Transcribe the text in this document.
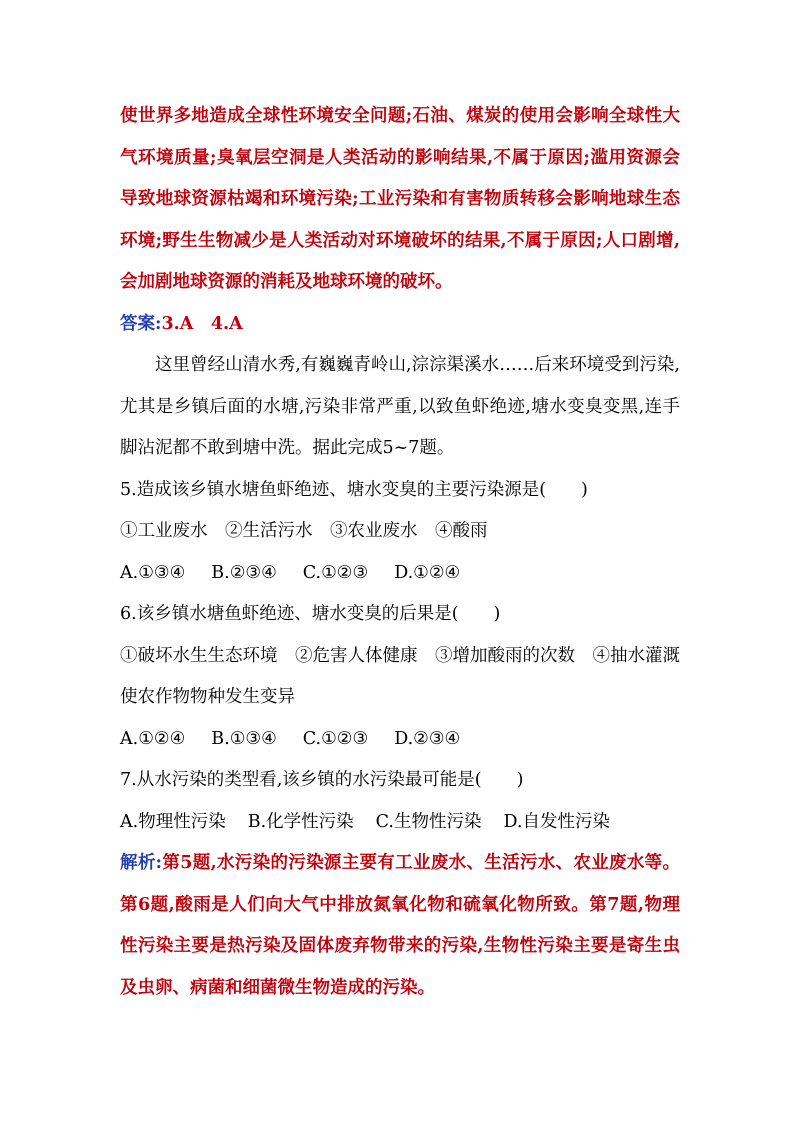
使世界多地造成全球性环境安全问题;石油、煤炭的使用会影响全球性大气环境质量;臭氧层空洞是人类活动的影响结果,不属于原因;滥用资源会导致地球资源枯竭和环境污染;工业污染和有害物质转移会影响地球生态环境;野生生物减少是人类活动对环境破坏的结果,不属于原因;人口剧增,会加剧地球资源的消耗及地球环境的破坏。

答案:3.A　4.A

这里曾经山清水秀,有巍巍青岭山,淙淙渠溪水……后来环境受到污染,尤其是乡镇后面的水塘,污染非常严重,以致鱼虾绝迹,塘水变臭变黑,连手脚沾泥都不敢到塘中洗。据此完成5~7题。

5.造成该乡镇水塘鱼虾绝迹、塘水变臭的主要污染源是(　　)

①工业废水　②生活污水　③农业废水　④酸雨

A.①③④ B.②③④ C.①②③ D.①②④

6.该乡镇水塘鱼虾绝迹、塘水变臭的后果是(　　)

①破坏水生生态环境　②危害人体健康　③增加酸雨的次数　④抽水灌溉使农作物物种发生变异

A.①②④ B.①③④ C.①②③ D.②③④

7.从水污染的类型看,该乡镇的水污染最可能是(　　)

A.物理性污染 B.化学性污染 C.生物性污染 D.自发性污染

解析:第5题,水污染的污染源主要有工业废水、生活污水、农业废水等。第6题,酸雨是人们向大气中排放氮氧化物和硫氧化物所致。第7题,物理性污染主要是热污染及固体废弃物带来的污染,生物性污染主要是寄生虫及虫卵、病菌和细菌微生物造成的污染。
